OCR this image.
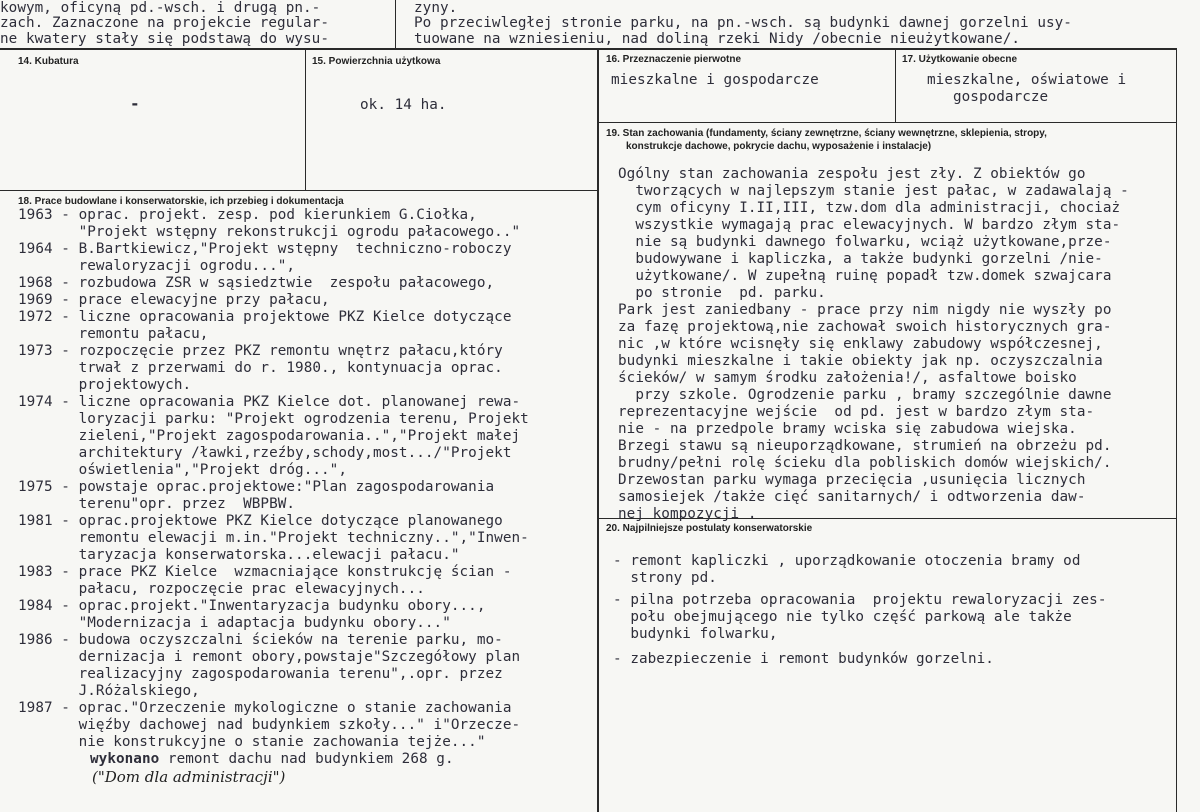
kowym, oficyną pd.-wsch. i drugą pn.-
zach. Zaznaczone na projekcie regular-
ne kwatery stały się podstawą do wysu-
zyny.
Po przeciwległej stronie parku, na pn.-wsch. są budynki dawnej gorzelni usy-
tuowane na wzniesieniu, nad doliną rzeki Nidy /obecnie nieużytkowane/.
14. Kubatura
-
15. Powierzchnia użytkowa
ok. 14 ha.
16. Przeznaczenie pierwotne
mieszkalne i gospodarcze
17. Użytkowanie obecne
mieszkalne, oświatowe i
gospodarcze
19. Stan zachowania (fundamenty, ściany zewnętrzne, ściany wewnętrzne, sklepienia, stropy,
konstrukcje dachowe, pokrycie dachu, wyposażenie i instalacje)
Ogólny stan zachowania zespołu jest zły. Z obiektów go
tworzących w najlepszym stanie jest pałac, w zadawalają -
cym oficyny I.II,III, tzw.dom dla administracji, chociaż
wszystkie wymagają prac elewacyjnych. W bardzo złym sta-
nie są budynki dawnego folwarku, wciąż użytkowane,prze-
budowywane i kapliczka, a także budynki gorzelni /nie-
użytkowane/. W zupełną ruinę popadł tzw.domek szwajcara
po stronie  pd. parku.
Park jest zaniedbany - prace przy nim nigdy nie wyszły po
za fazę projektową,nie zachował swoich historycznych gra-
nic ,w które wcisnęły się enklawy zabudowy współczesnej,
budynki mieszkalne i takie obiekty jak np. oczyszczalnia
ścieków/ w samym środku założenia!/, asfaltowe boisko
przy szkole. Ogrodzenie parku , bramy szczególnie dawne
reprezentacyjne wejście  od pd. jest w bardzo złym sta-
nie - na przedpole bramy wciska się zabudowa wiejska.
Brzegi stawu są nieuporządkowane, strumień na obrzeżu pd.
brudny/pełni rolę ścieku dla pobliskich domów wiejskich/.
Drzewostan parku wymaga przecięcia ,usunięcia licznych
samosiejek /także cięć sanitarnych/ i odtworzenia daw-
nej kompozycji .
20. Najpilniejsze postulaty konserwatorskie
- remont kapliczki , uporządkowanie otoczenia bramy od
strony pd.
- pilna potrzeba opracowania  projektu rewaloryzacji zes-
połu obejmującego nie tylko część parkową ale także
budynki folwarku,
- zabezpieczenie i remont budynków gorzelni.
18. Prace budowlane i konserwatorskie, ich przebieg i dokumentacja
1963 - oprac. projekt. zesp. pod kierunkiem G.Ciołka,
"Projekt wstępny rekonstrukcji ogrodu pałacowego.."
1964 - B.Bartkiewicz,"Projekt wstępny  techniczno-roboczy
rewaloryzacji ogrodu...",
1968 - rozbudowa ZSR w sąsiedztwie  zespołu pałacowego,
1969 - prace elewacyjne przy pałacu,
1972 - liczne opracowania projektowe PKZ Kielce dotyczące
remontu pałacu,
1973 - rozpoczęcie przez PKZ remontu wnętrz pałacu,który
trwał z przerwami do r. 1980., kontynuacja oprac.
projektowych.
1974 - liczne opracowania PKZ Kielce dot. planowanej rewa-
loryzacji parku: "Projekt ogrodzenia terenu, Projekt
zieleni,"Projekt zagospodarowania..","Projekt małej
architektury /ławki,rzeźby,schody,most.../"Projekt
oświetlenia","Projekt dróg...",
1975 - powstaje oprac.projektowe:"Plan zagospodarowania
terenu"opr. przez  WBPBW.
1981 - oprac.projektowe PKZ Kielce dotyczące planowanego
remontu elewacji m.in."Projekt techniczny..","Inwen-
taryzacja konserwatorska...elewacji pałacu."
1983 - prace PKZ Kielce  wzmacniające konstrukcję ścian -
pałacu, rozpoczęcie prac elewacyjnych...
1984 - oprac.projekt."Inwentaryzacja budynku obory...,
"Modernizacja i adaptacja budynku obory..."
1986 - budowa oczyszczalni ścieków na terenie parku, mo-
dernizacja i remont obory,powstaje"Szczegółowy plan
realizacyjny zagospodarowania terenu",.opr. przez
J.Różalskiego,
1987 - oprac."Orzeczenie mykologiczne o stanie zachowania
więźby dachowej nad budynkiem szkoły..." i"Orzecze-
nie konstrukcyjne o stanie zachowania tejże..."
wykonano remont dachu nad budynkiem 268 g.
("Dom dla administracji")
